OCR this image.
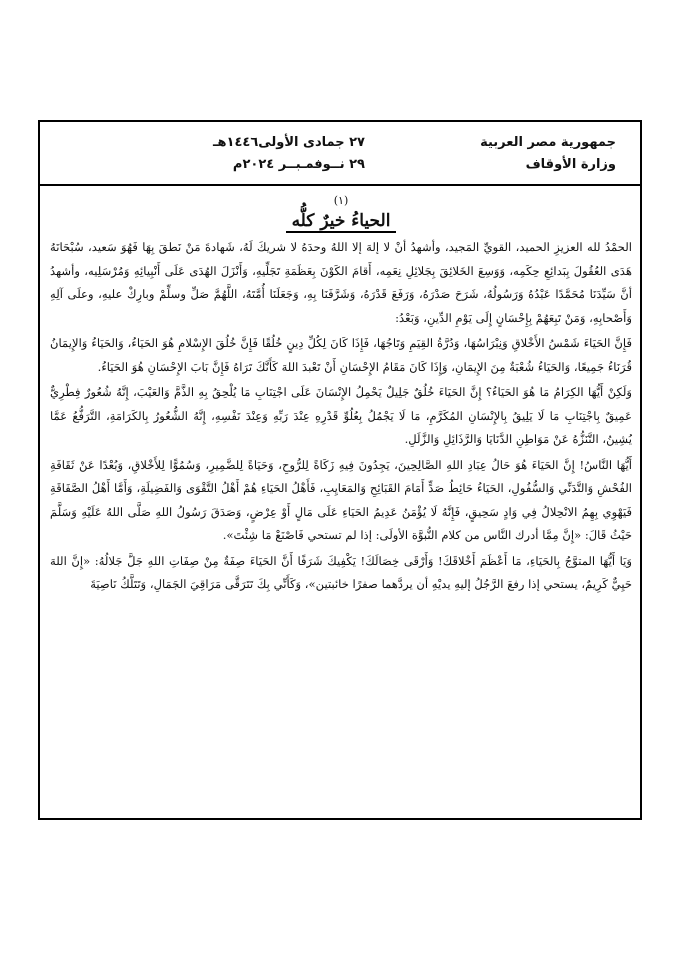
جمهورية مصر العربية
وزارة الأوقاف
٢٧ جمادى الأولى١٤٤٦هـ
٢٩ نــوفمـبــر ٢٠٢٤م
(١)
الحياءُ خيرٌ كلُّه

الحمْدُ لله العزيزِ الحميد، القويِّ المَجيد، وأشهدُ أنْ لا إلهَ إلا اللهُ وحدَهُ لا شريكَ لَهُ، شَهادةَ مَنْ نَطقَ بِهَا فَهُوَ سَعيد، سُبْحَانَهُ هَدَى العُقُولَ بِبَدائِعِ حِكَمِه، وَوَسِعَ الخَلائِقَ بِجَلائِلِ نِعَمِه، أَقامَ الكَوْنَ بِعَظَمَةِ تَجَلِّيهِ، وَأَنْزَلَ الهُدَى عَلَى أَنْبِيائِهِ وَمُرْسَلِيه، وأشهدُ أنَّ سَيِّدَنَا مُحَمَّدًا عَبْدُهُ وَرَسُولُهُ، شَرَحَ صَدْرَهُ، وَرَفَعَ قَدْرَهُ، وَشَرَّفَنَا بِهِ، وَجَعَلَنَا أُمَّتَهُ، اللَّهُمَّ صَلِّ وسلِّمْ وبارِكْ عليهِ، وعلَى آلِهِ وَأَصْحابِهِ، وَمَنْ تَبِعَهُمْ بِإِحْسَانٍ إِلَى يَوْمِ الدِّينِ، وَبَعْدُ:

فَإِنَّ الحَيَاءَ شَمْسُ الأَخْلاقِ وَنِبْرَاسُهَا، وَدُرَّةُ القِيَمِ وَتَاجُهَا، فَإِذَا كَانَ لِكُلِّ دِينٍ خُلُقًا فَإِنَّ خُلُقَ الإِسْلامِ هُوَ الحَيَاءُ، وَالحَيَاءُ وَالإِيمَانُ قُرَنَاءُ جَمِيعًا، وَالحَيَاءُ شُعْبَةٌ مِنَ الإِيمَانِ، وَإِذَا كَانَ مَقَامُ الإِحْسَانِ أَنْ تَعْبدَ اللهَ كَأَنَّكَ تَرَاهُ فَإِنَّ بَابَ الإِحْسَانِ هُوَ الحَيَاءُ.

وَلَكِنْ أَيُّهَا الكِرَامُ مَا هُوَ الحَيَاءُ؟ إِنَّ الحَيَاءَ خُلُقٌ جَلِيلٌ يَحْمِلُ الإِنْسَانَ عَلَى اجْتِنَابِ مَا يُلْحِقُ بِهِ الذَّمَّ وَالعَيْبَ، إِنَّهُ شُعُورٌ فِطْرِيٌّ عَمِيقٌ بِاجْتِنَابِ مَا لَا يَلِيقُ بِالإِنْسَانِ المُكَرَّمِ، مَا لَا يَجْمُلُ بِعُلُوِّ قَدْرِهِ عِنْدَ رَبِّهِ وَعِنْدَ نَفْسِهِ، إِنَّهُ الشُّعُورُ بِالكَرَامَةِ، التَّرَفُّعُ عَمَّا يُشِينُ، التَّنَزُّهُ عَنْ مَوَاطِنِ الدَّنَايَا وَالرَّذَائِلِ وَالزَّلَلِ.

أَيُّهَا النَّاسُ! إِنَّ الحَيَاءَ هُوَ حَالُ عِبَادِ اللهِ الصَّالِحِينَ، يَجِدُونَ فِيهِ زَكَاةً لِلرُّوحِ، وَحَيَاةً لِلضَّمِيرِ، وَسُمُوًّا لِلأَخْلاقِ، وَبُعْدًا عَنْ ثَقَافَةِ الفُحْشِ وَالتَّدَنِّي وَالسُّفُولِ، الحَيَاءُ حَائِطُ صَدٍّ أَمَامَ القَبَائِحِ وَالمَعَايِبِ، فَأَهْلُ الحَيَاءِ هُمْ أَهْلُ التَّقْوَى وَالفَضِيلَةِ، وَأَمَّا أَهْلُ الصَّفَاقَةِ فَيَهْوِي بِهِمُ الانْحِلالُ فِي وَادٍ سَحِيقٍ، فَإِنَّهُ لَا يُؤْمَنُ عَدِيمُ الحَيَاءِ عَلَى مَالٍ أَوْ عِرْضٍ، وَصَدَقَ رَسُولُ اللهِ صَلَّى اللهُ عَلَيْهِ وَسَلَّمَ حَيْثُ قَالَ: «إِنَّ مِمَّا أدرك النَّاس من كلام النُّبوَّة الأولَى: إذا لم تستحي فَاصْنَعْ مَا شِئْتَ».

وَيَا أَيُّهَا المتوَّجُ بِالحَيَاءِ، مَا أَعْظَمَ أَخْلاقَكَ! وَأَرْقَى خِصَالَكَ! يَكْفِيكَ شَرَفًا أَنَّ الحَيَاءَ صِفَةٌ مِنْ صِفَاتِ اللهِ جَلَّ جَلالُهُ: «إِنَّ اللهَ حَيِيٌّ كَرِيمٌ، يستحي إذا رفعَ الرَّجُلُ إليهِ يديْهِ أن يردَّهما صفرًا خائبتين»، وَكَأَنِّي بِكَ تَتَرَقَّى مَرَاقِيَ الجَمَالِ، وَتَتَلَّكُ نَاصِيَةَ
